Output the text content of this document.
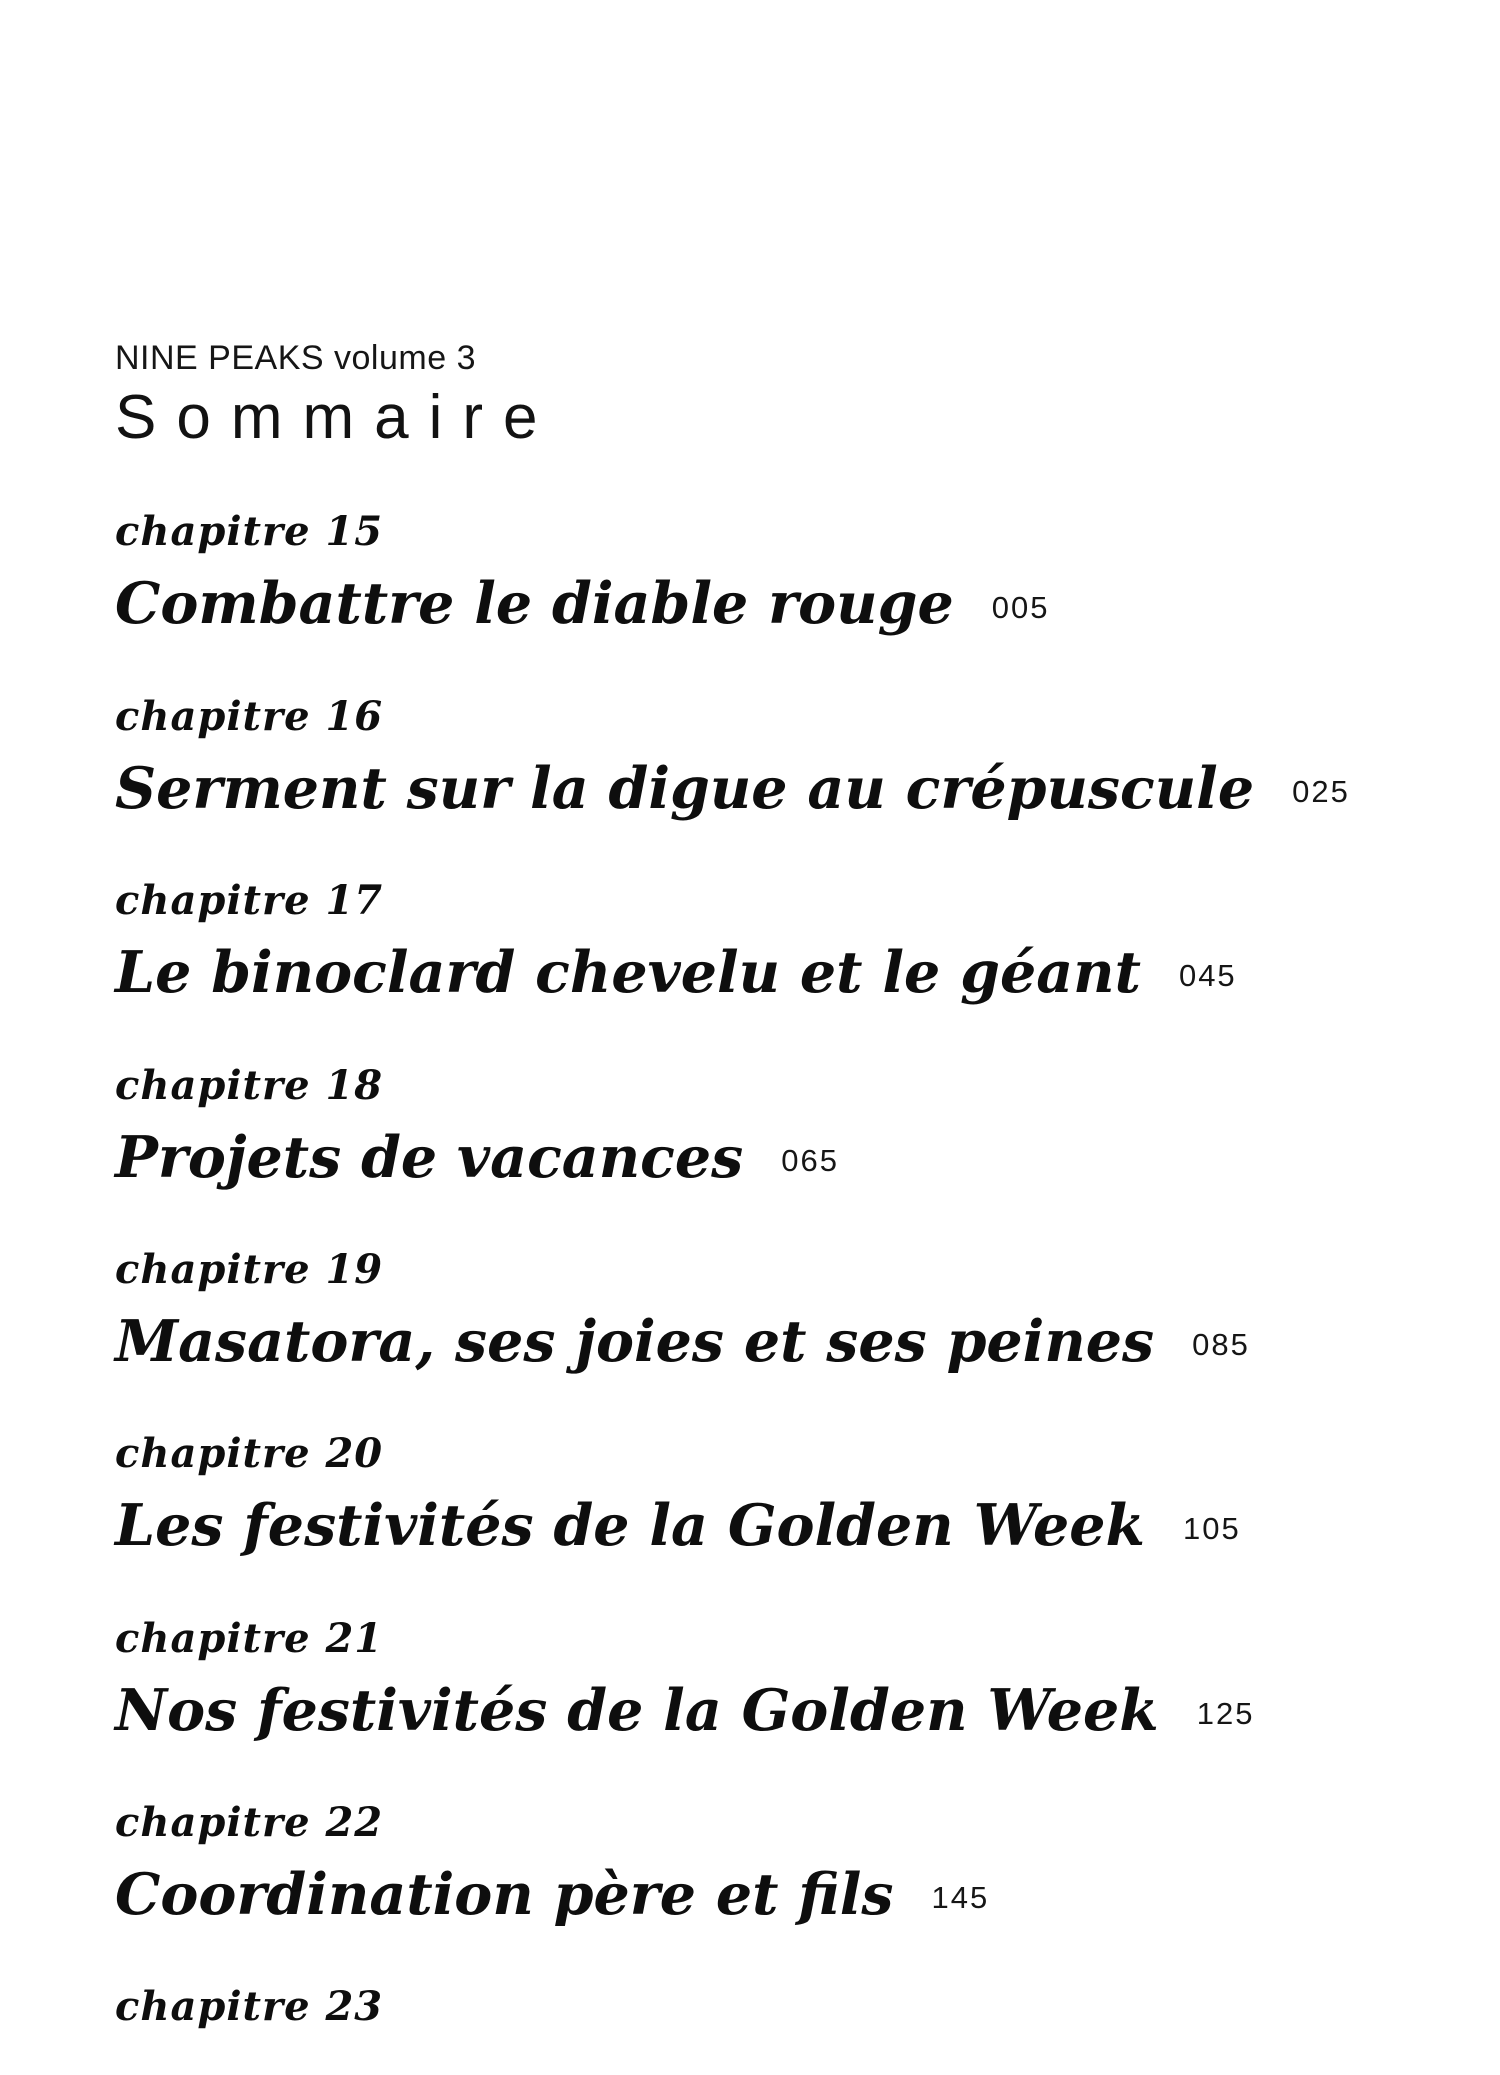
NINE PEAKS volume 3
Sommaire
chapitre 15
Combattre le diable rouge 005
chapitre 16
Serment sur la digue au crépuscule 025
chapitre 17
Le binoclard chevelu et le géant 045
chapitre 18
Projets de vacances 065
chapitre 19
Masatora, ses joies et ses peines 085
chapitre 20
Les festivités de la Golden Week 105
chapitre 21
Nos festivités de la Golden Week 125
chapitre 22
Coordination père et fils 145
chapitre 23
